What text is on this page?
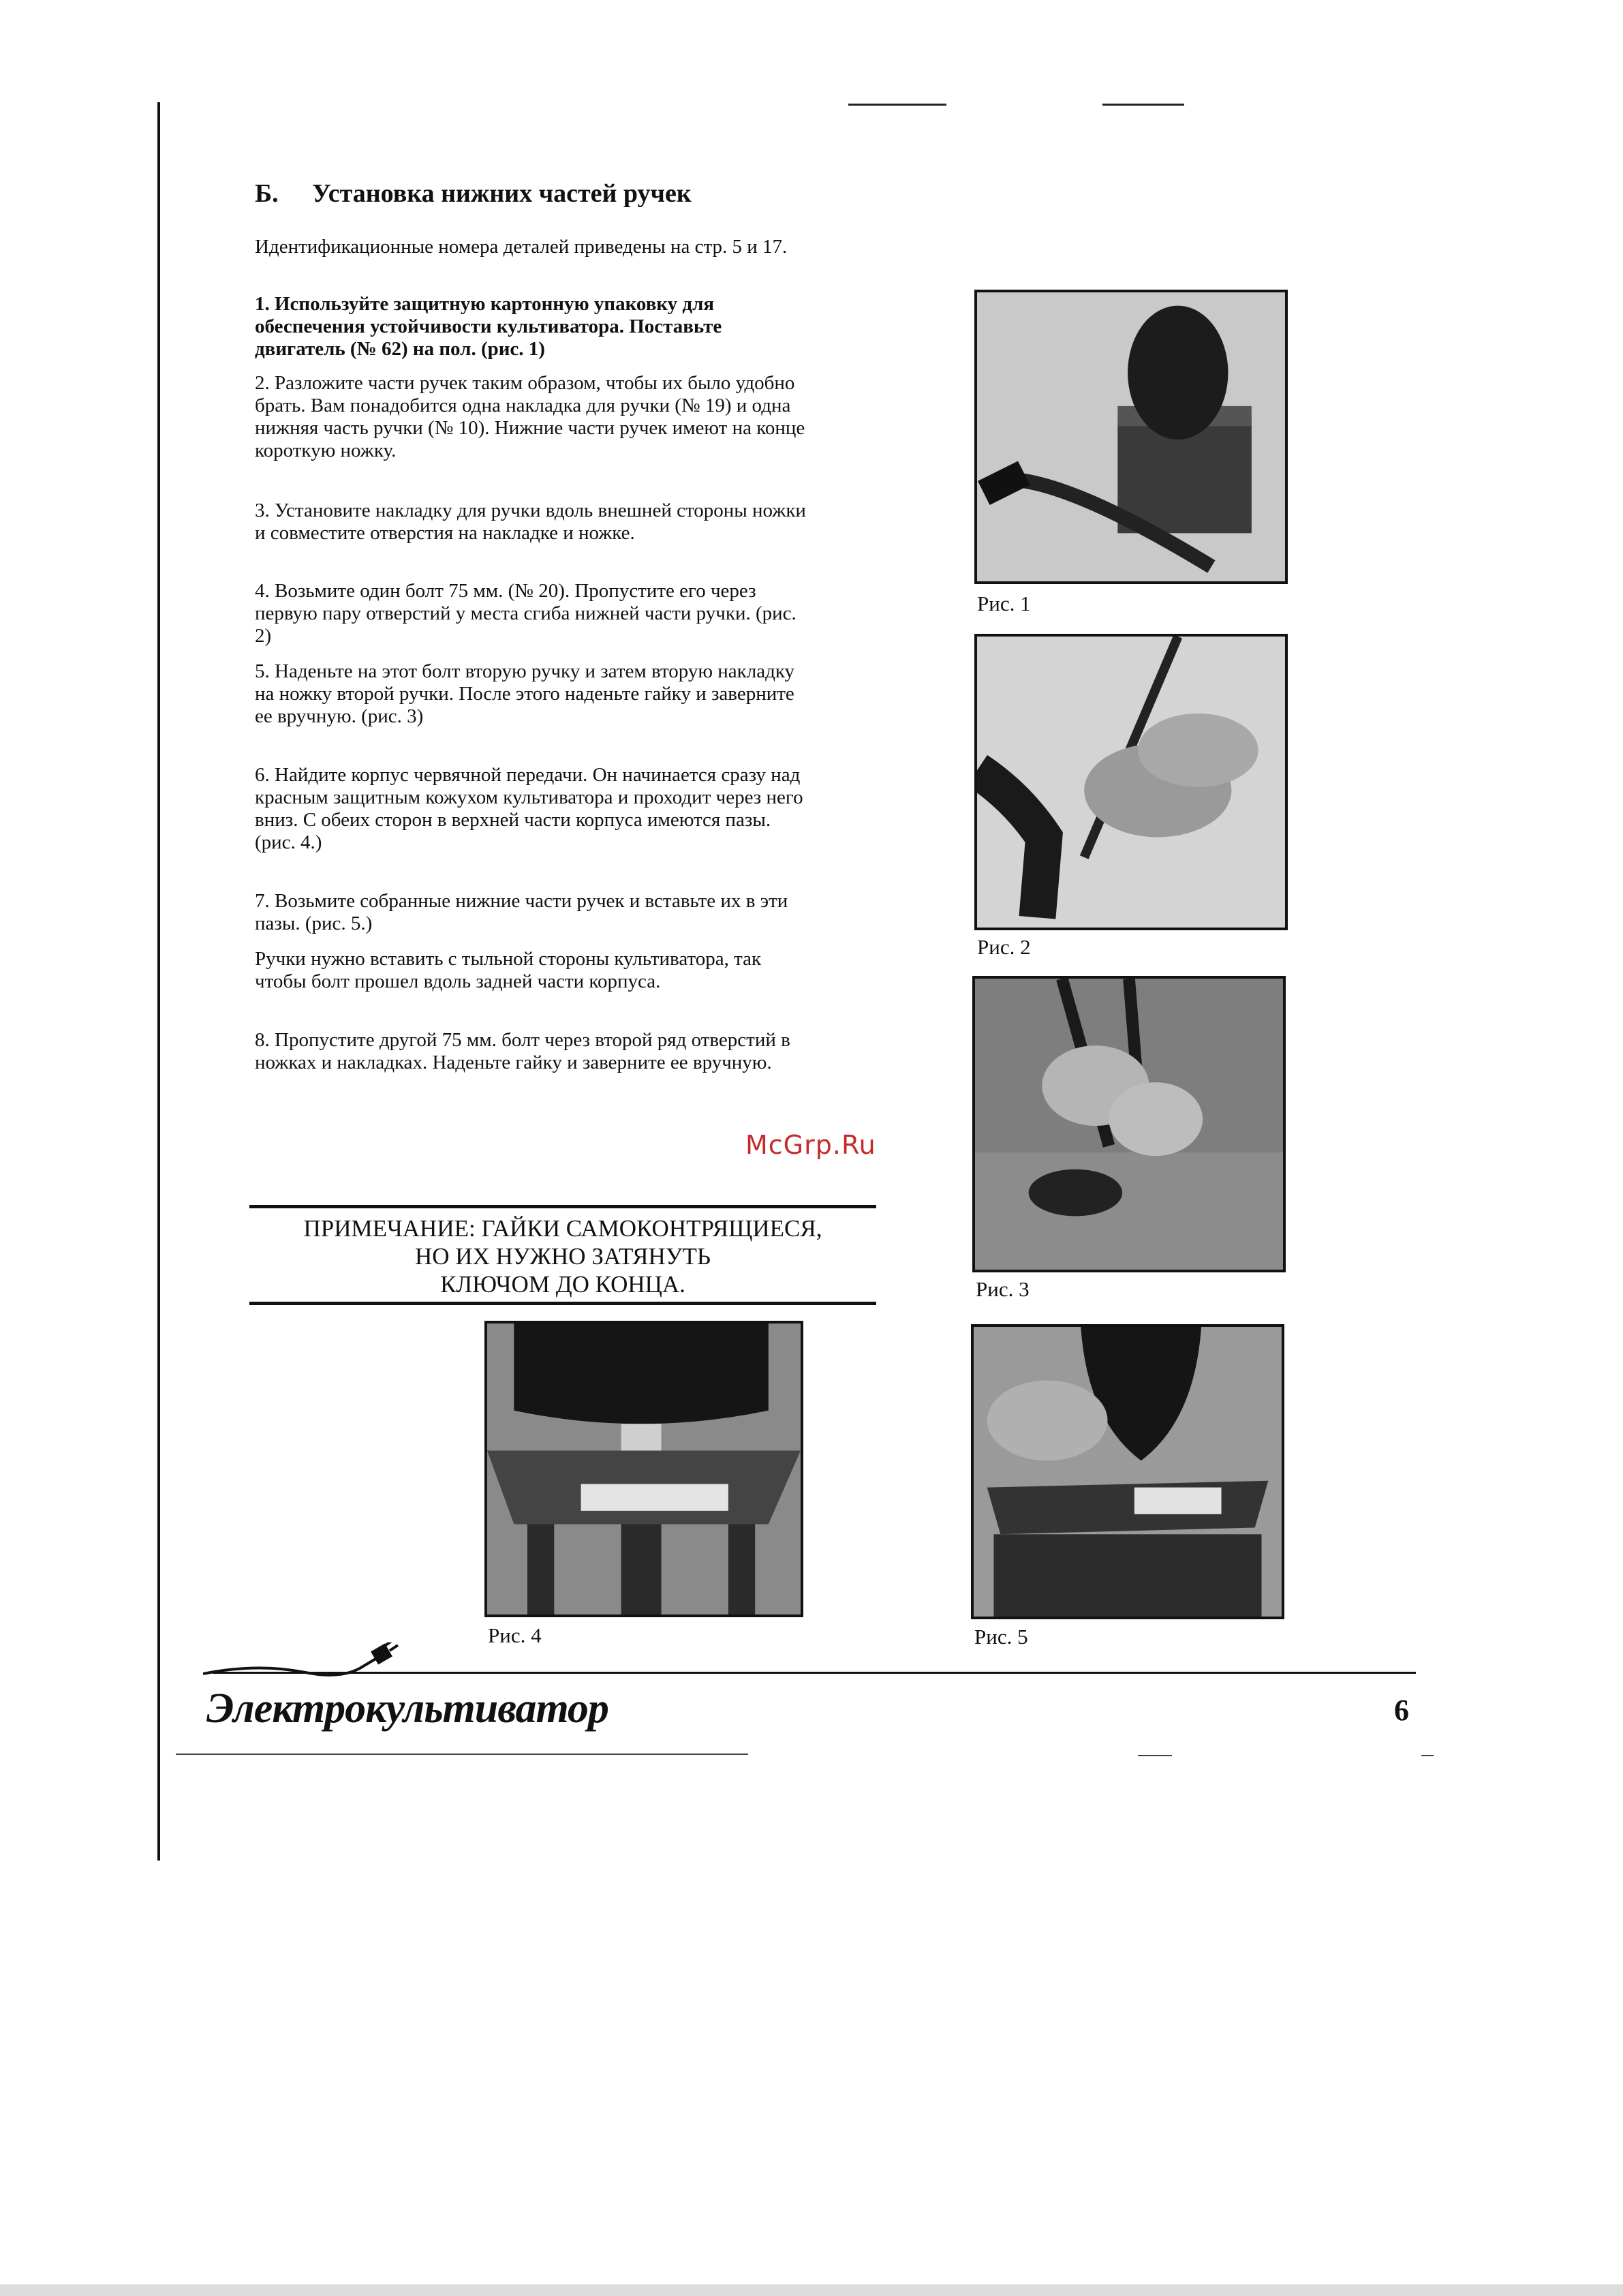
Б. Установка нижних частей ручек

Идентификационные номера деталей приведены на стр. 5 и 17.

1. Используйте защитную картонную упаковку для обеспечения устойчивости культиватора. Поставьте двигатель (№ 62) на пол. (рис. 1)

2. Разложите части ручек таким образом, чтобы их было удобно брать. Вам понадобится одна накладка для ручки (№ 19) и одна нижняя часть ручки (№ 10). Нижние части ручек имеют на конце короткую ножку.

3. Установите накладку для ручки вдоль внешней стороны ножки и совместите отверстия на накладке и ножке.

4. Возьмите один болт 75 мм. (№ 20). Пропустите его через первую пару отверстий у места сгиба нижней части ручки. (рис. 2)

5. Наденьте на этот болт вторую ручку и затем вторую накладку на ножку второй ручки. После этого наденьте гайку и заверните ее вручную. (рис. 3)

6. Найдите корпус червячной передачи. Он начинается сразу над красным защитным кожухом культиватора и проходит через него вниз. С обеих сторон в верхней части корпуса имеются пазы. (рис. 4.)

7. Возьмите собранные нижние части ручек и вставьте их в эти пазы. (рис. 5.)

Ручки нужно вставить с тыльной стороны культиватора, так чтобы болт прошел вдоль задней части корпуса.

8. Пропустите другой 75 мм. болт через второй ряд отверстий в ножках и накладках. Наденьте гайку и заверните ее вручную.

McGrp.Ru
ПРИМЕЧАНИЕ: ГАЙКИ САМОКОНТРЯЩИЕСЯ,
НО ИХ НУЖНО ЗАТЯНУТЬ
КЛЮЧОМ ДО КОНЦА.
Рис. 1
Рис. 2
Рис. 3
Рис. 4	Рис. 5
Электрокультиватор	6
